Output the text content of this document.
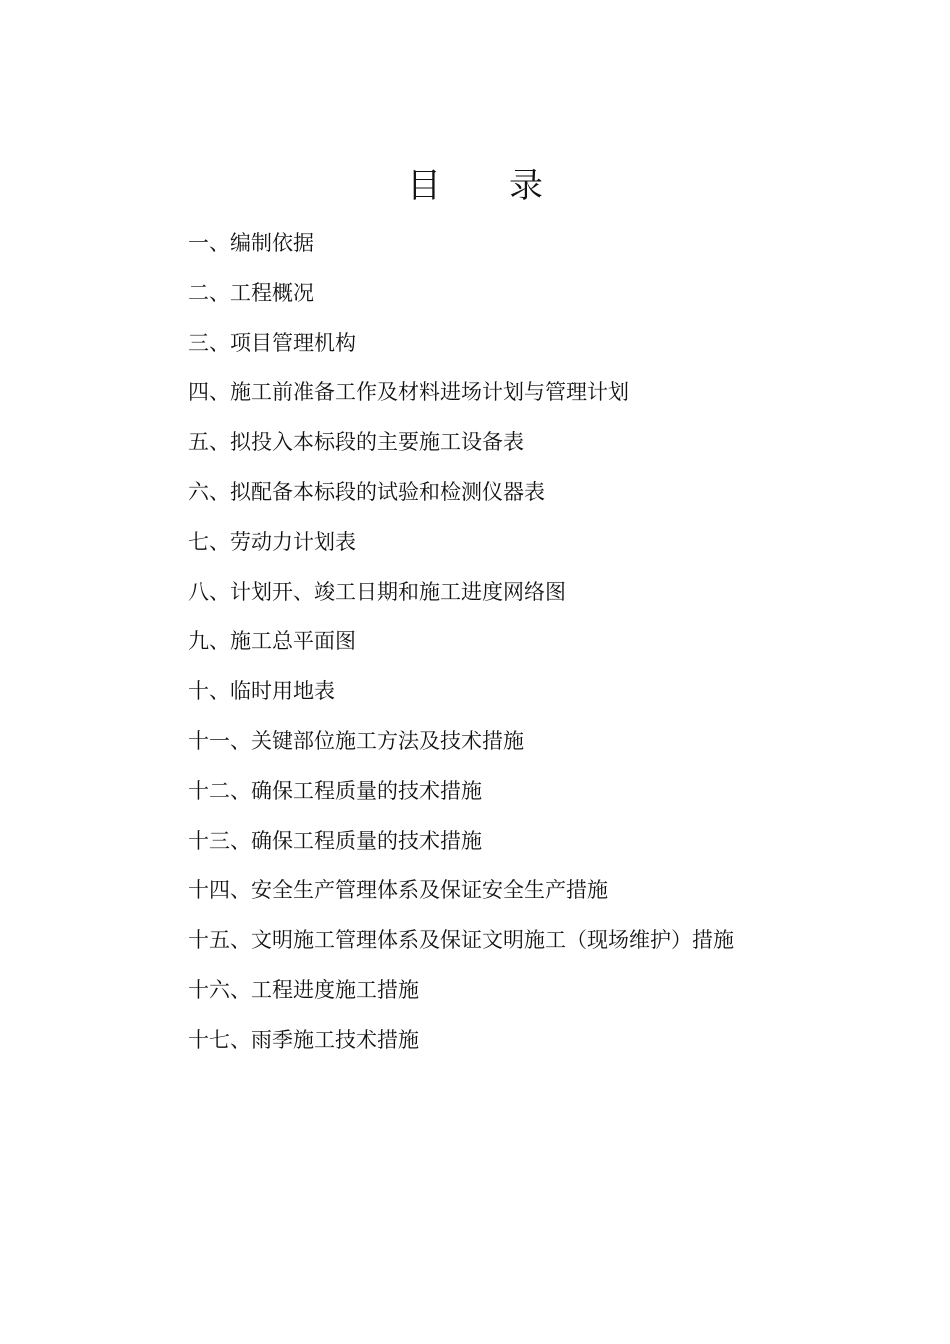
目 录
一、编制依据
二、工程概况
三、项目管理机构
四、施工前准备工作及材料进场计划与管理计划
五、拟投入本标段的主要施工设备表
六、拟配备本标段的试验和检测仪器表
七、劳动力计划表
八、计划开、竣工日期和施工进度网络图
九、施工总平面图
十、临时用地表
十一、关键部位施工方法及技术措施
十二、确保工程质量的技术措施
十三、确保工程质量的技术措施
十四、安全生产管理体系及保证安全生产措施
十五、文明施工管理体系及保证文明施工（现场维护）措施
十六、工程进度施工措施
十七、雨季施工技术措施
